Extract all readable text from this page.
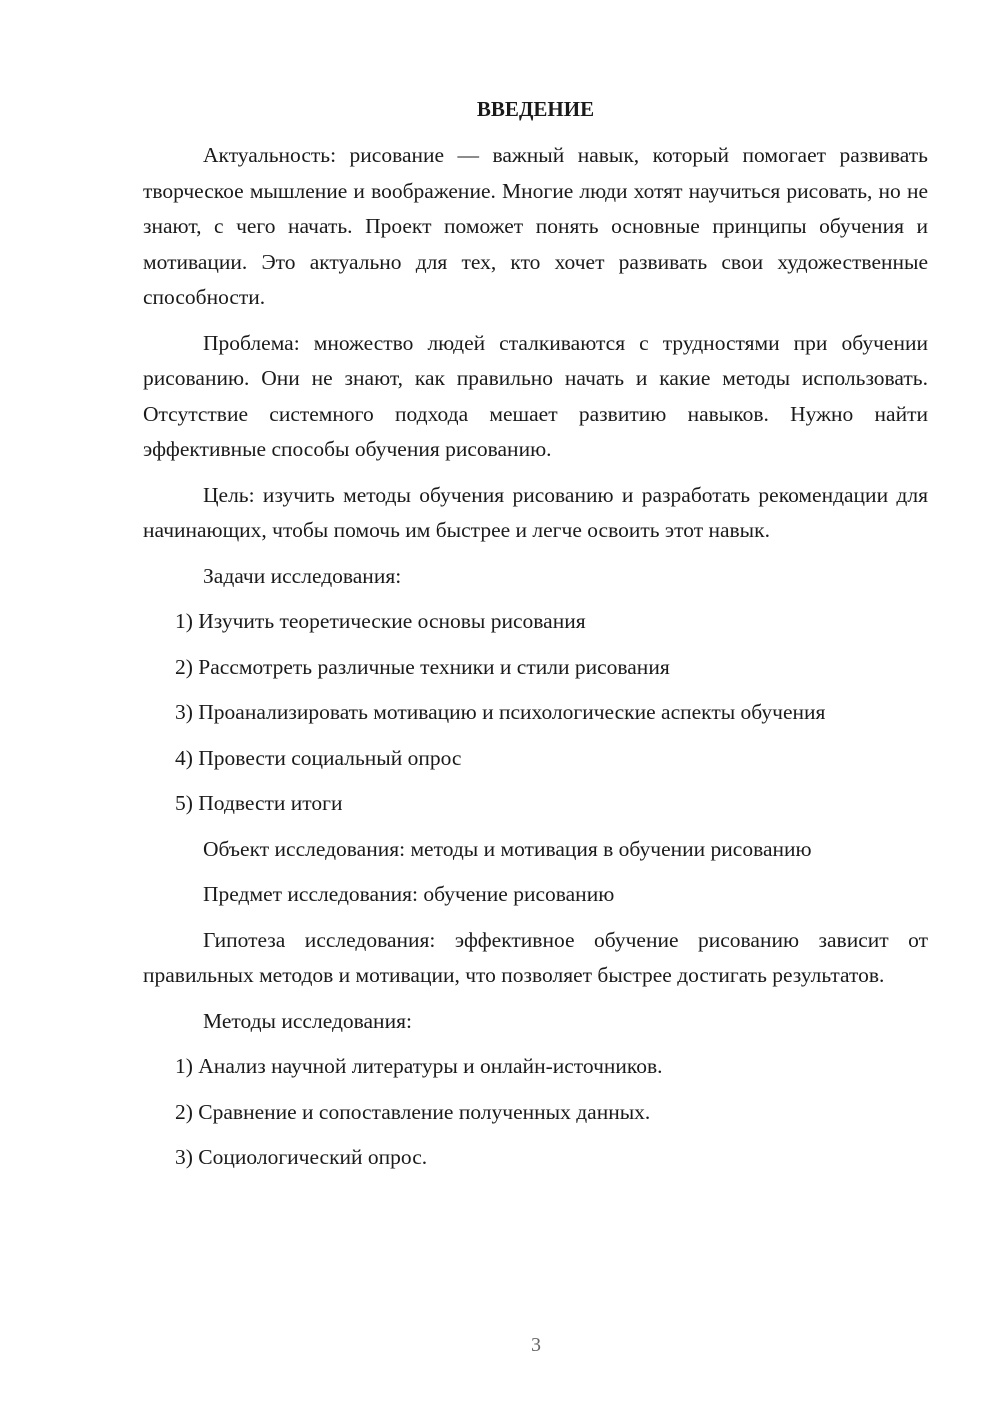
ВВЕДЕНИЕ

Актуальность: рисование — важный навык, который помогает развивать творческое мышление и воображение. Многие люди хотят научиться рисовать, но не знают, с чего начать. Проект поможет понять основные принципы обучения и мотивации. Это актуально для тех, кто хочет развивать свои художественные способности.

Проблема: множество людей сталкиваются с трудностями при обучении рисованию. Они не знают, как правильно начать и какие методы использовать. Отсутствие системного подхода мешает развитию навыков. Нужно найти эффективные способы обучения рисованию.

Цель: изучить методы обучения рисованию и разработать рекомендации для начинающих, чтобы помочь им быстрее и легче освоить этот навык.

Задачи исследования:

1) Изучить теоретические основы рисования

2) Рассмотреть различные техники и стили рисования

3) Проанализировать мотивацию и психологические аспекты обучения

4) Провести социальный опрос

5) Подвести итоги

Объект исследования: методы и мотивация в обучении рисованию

Предмет исследования: обучение рисованию

Гипотеза исследования: эффективное обучение рисованию зависит от правильных методов и мотивации, что позволяет быстрее достигать результатов.

Методы исследования:

1) Анализ научной литературы и онлайн-источников.

2) Сравнение и сопоставление полученных данных.

3) Социологический опрос.

3
